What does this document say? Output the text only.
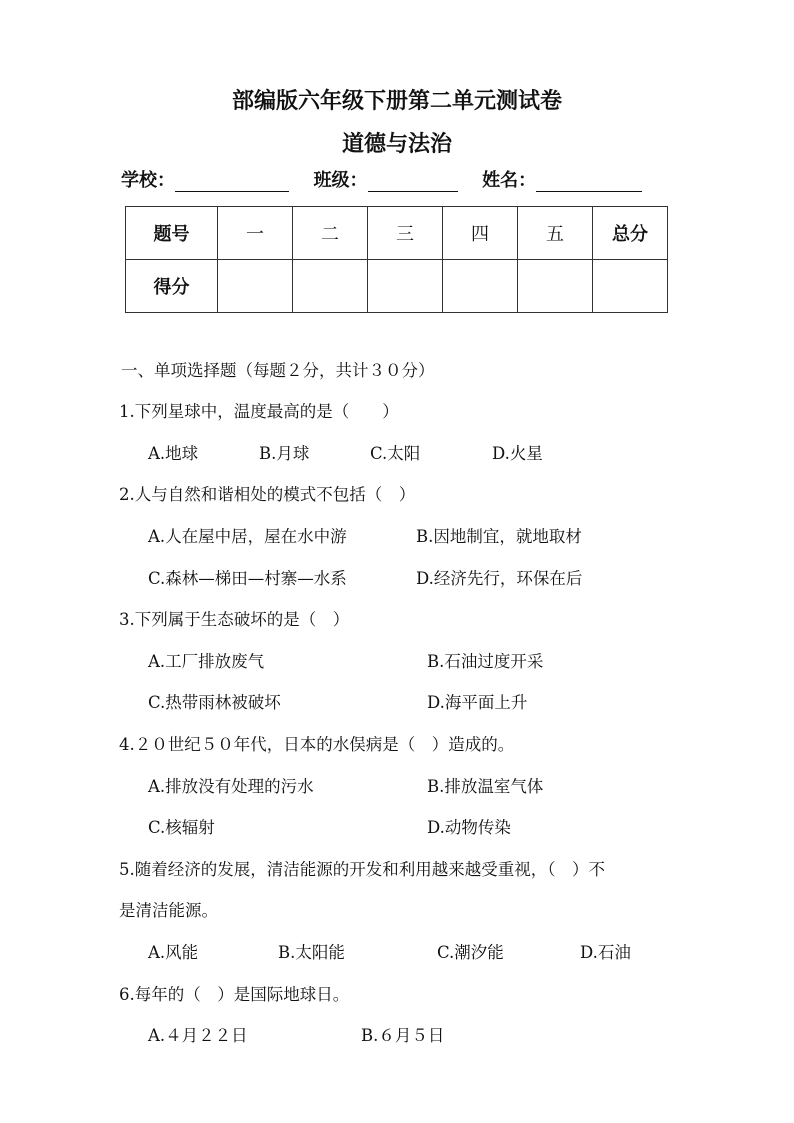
部编版六年级下册第二单元测试卷
道德与法治
学校：	班级：	姓名：
题号	一	二	三	四	五	总分
得分						
一、单项选择题（每题２分，共计３０分）
1.下列星球中，温度最高的是（　　）
A.地球	B.月球	C.太阳	D.火星
2.人与自然和谐相处的模式不包括（　）
A.人在屋中居，屋在水中游	B.因地制宜，就地取材
C.森林—梯田—村寨—水系	D.经济先行，环保在后
3.下列属于生态破坏的是（　）
A.工厂排放废气	B.石油过度开采
C.热带雨林被破坏	D.海平面上升
4.２０世纪５０年代，日本的水俣病是（　）造成的。
A.排放没有处理的污水	B.排放温室气体
C.核辐射	D.动物传染
5.随着经济的发展，清洁能源的开发和利用越来越受重视，（　）不
是清洁能源。
A.风能	B.太阳能	C.潮汐能	D.石油
6.每年的（　）是国际地球日。
A.４月２２日	B.６月５日
